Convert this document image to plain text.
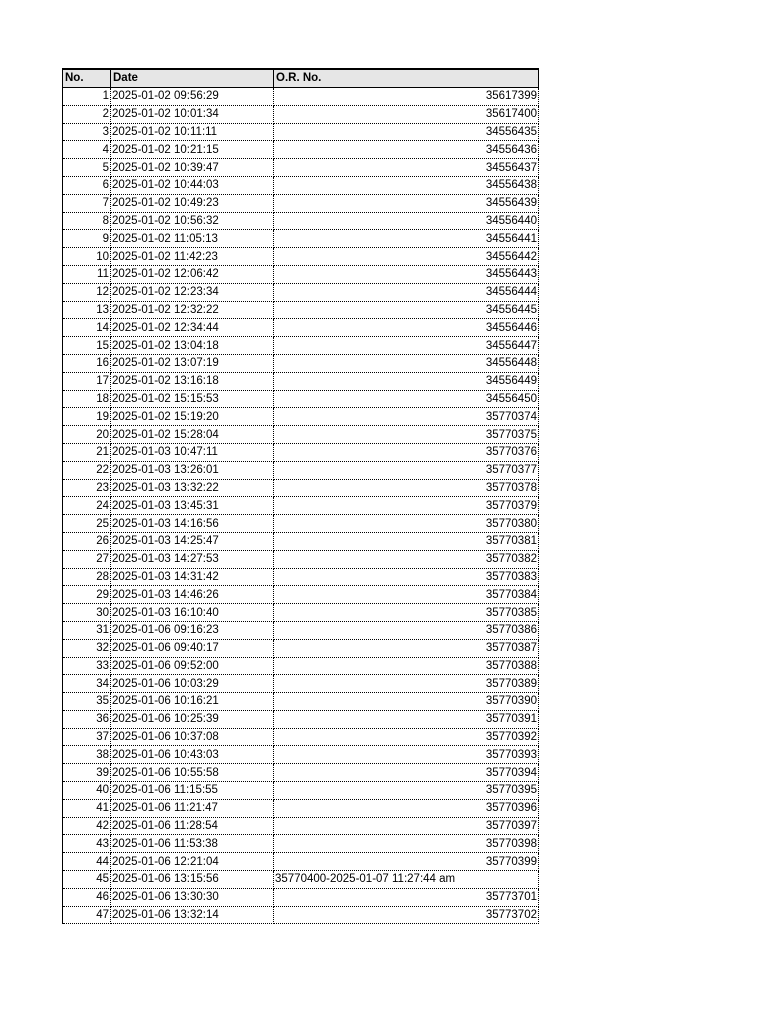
No.	Date	O.R. No.
1	2025-01-02 09:56:29	35617399
2	2025-01-02 10:01:34	35617400
3	2025-01-02 10:11:11	34556435
4	2025-01-02 10:21:15	34556436
5	2025-01-02 10:39:47	34556437
6	2025-01-02 10:44:03	34556438
7	2025-01-02 10:49:23	34556439
8	2025-01-02 10:56:32	34556440
9	2025-01-02 11:05:13	34556441
10	2025-01-02 11:42:23	34556442
11	2025-01-02 12:06:42	34556443
12	2025-01-02 12:23:34	34556444
13	2025-01-02 12:32:22	34556445
14	2025-01-02 12:34:44	34556446
15	2025-01-02 13:04:18	34556447
16	2025-01-02 13:07:19	34556448
17	2025-01-02 13:16:18	34556449
18	2025-01-02 15:15:53	34556450
19	2025-01-02 15:19:20	35770374
20	2025-01-02 15:28:04	35770375
21	2025-01-03 10:47:11	35770376
22	2025-01-03 13:26:01	35770377
23	2025-01-03 13:32:22	35770378
24	2025-01-03 13:45:31	35770379
25	2025-01-03 14:16:56	35770380
26	2025-01-03 14:25:47	35770381
27	2025-01-03 14:27:53	35770382
28	2025-01-03 14:31:42	35770383
29	2025-01-03 14:46:26	35770384
30	2025-01-03 16:10:40	35770385
31	2025-01-06 09:16:23	35770386
32	2025-01-06 09:40:17	35770387
33	2025-01-06 09:52:00	35770388
34	2025-01-06 10:03:29	35770389
35	2025-01-06 10:16:21	35770390
36	2025-01-06 10:25:39	35770391
37	2025-01-06 10:37:08	35770392
38	2025-01-06 10:43:03	35770393
39	2025-01-06 10:55:58	35770394
40	2025-01-06 11:15:55	35770395
41	2025-01-06 11:21:47	35770396
42	2025-01-06 11:28:54	35770397
43	2025-01-06 11:53:38	35770398
44	2025-01-06 12:21:04	35770399
45	2025-01-06 13:15:56	35770400-2025-01-07 11:27:44 am
46	2025-01-06 13:30:30	35773701
47	2025-01-06 13:32:14	35773702
